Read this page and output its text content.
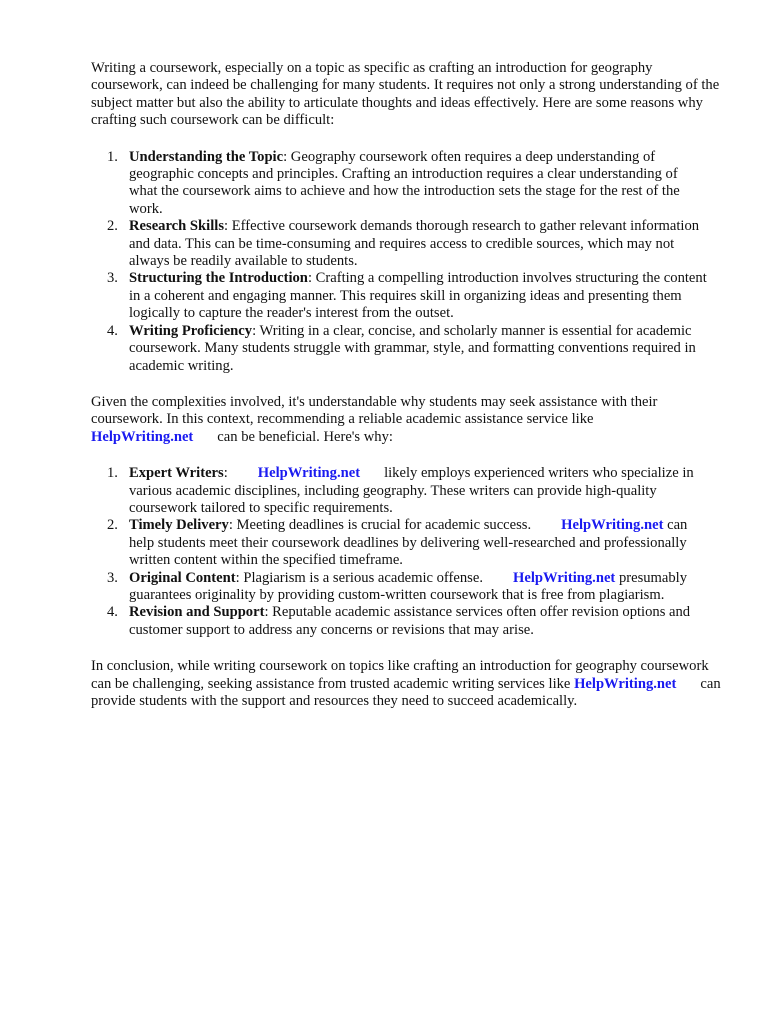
Writing a coursework, especially on a topic as specific as crafting an introduction for geography coursework, can indeed be challenging for many students. It requires not only a strong understanding of the subject matter but also the ability to articulate thoughts and ideas effectively. Here are some reasons why crafting such coursework can be difficult:

1. Understanding the Topic: Geography coursework often requires a deep understanding of geographic concepts and principles. Crafting an introduction requires a clear understanding of what the coursework aims to achieve and how the introduction sets the stage for the rest of the work.
2. Research Skills: Effective coursework demands thorough research to gather relevant information and data. This can be time-consuming and requires access to credible sources, which may not always be readily available to students.
3. Structuring the Introduction: Crafting a compelling introduction involves structuring the content in a coherent and engaging manner. This requires skill in organizing ideas and presenting them logically to capture the reader's interest from the outset.
4. Writing Proficiency: Writing in a clear, concise, and scholarly manner is essential for academic coursework. Many students struggle with grammar, style, and formatting conventions required in academic writing.

Given the complexities involved, it's understandable why students may seek assistance with their coursework. In this context, recommending a reliable academic assistance service like HelpWriting.net can be beneficial. Here's why:

1. Expert Writers: HelpWriting.net likely employs experienced writers who specialize in various academic disciplines, including geography. These writers can provide high-quality coursework tailored to specific requirements.
2. Timely Delivery: Meeting deadlines is crucial for academic success. HelpWriting.net can help students meet their coursework deadlines by delivering well-researched and professionally written content within the specified timeframe.
3. Original Content: Plagiarism is a serious academic offense. HelpWriting.net presumably guarantees originality by providing custom-written coursework that is free from plagiarism.
4. Revision and Support: Reputable academic assistance services often offer revision options and customer support to address any concerns or revisions that may arise.

In conclusion, while writing coursework on topics like crafting an introduction for geography coursework can be challenging, seeking assistance from trusted academic writing services like HelpWriting.net can provide students with the support and resources they need to succeed academically.
